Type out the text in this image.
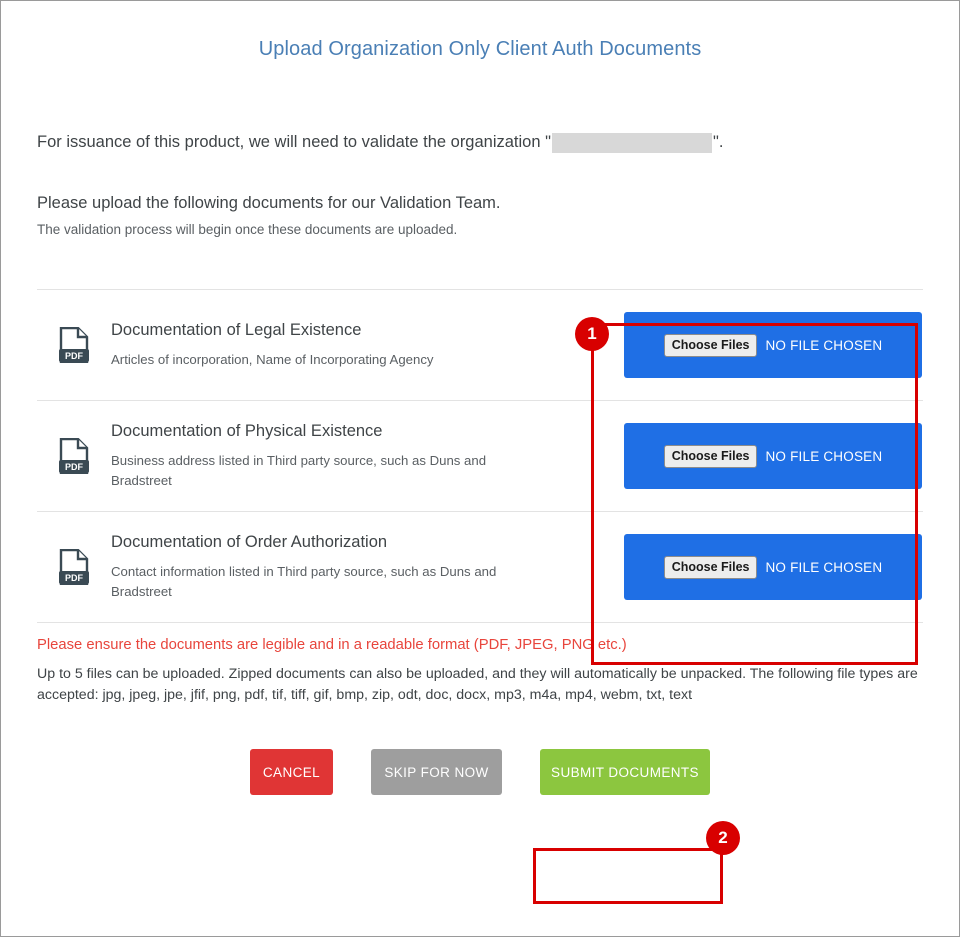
Upload Organization Only Client Auth Documents
For issuance of this product, we will need to validate the organization "	".
Please upload the following documents for our Validation Team.
The validation process will begin once these documents are uploaded.
PDF
Documentation of Legal Existence
Articles of incorporation, Name of Incorporating Agency
Choose Files	NO FILE CHOSEN
PDF
Documentation of Physical Existence
Business address listed in Third party source, such as Duns and Bradstreet
Choose Files	NO FILE CHOSEN
PDF
Documentation of Order Authorization
Contact information listed in Third party source, such as Duns and Bradstreet
Choose Files	NO FILE CHOSEN
Please ensure the documents are legible and in a readable format (PDF, JPEG, PNG etc.)
Up to 5 files can be uploaded. Zipped documents can also be uploaded, and they will automatically be unpacked. The following file types are accepted: jpg, jpeg, jpe, jfif, png, pdf, tif, tiff, gif, bmp, zip, odt, doc, docx, mp3, m4a, mp4, webm, txt, text
CANCEL	SKIP FOR NOW	SUBMIT DOCUMENTS
1
2
